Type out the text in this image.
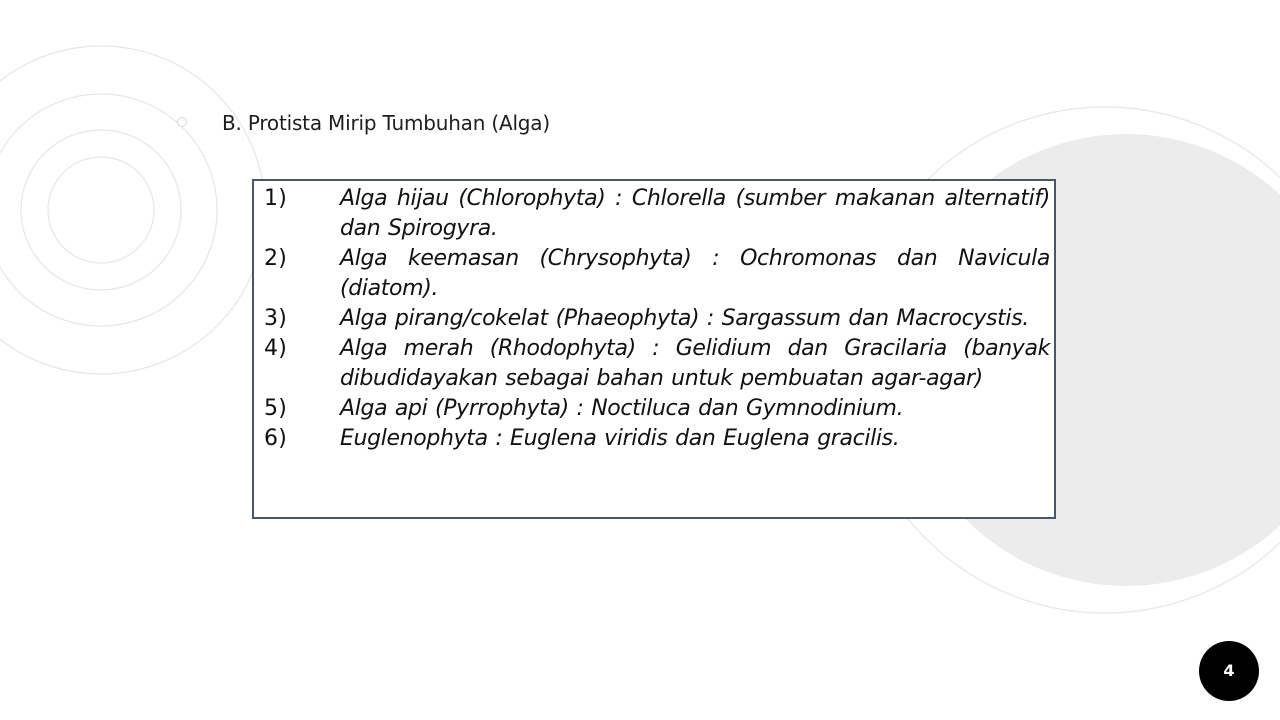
B. Protista Mirip Tumbuhan (Alga)
1)	Alga hijau (Chlorophyta) : Chlorella (sumber makanan alternatif) dan Spirogyra.
2)	Alga keemasan (Chrysophyta) : Ochromonas dan Navicula (diatom).
3)	Alga pirang/cokelat (Phaeophyta) : Sargassum dan Macrocystis.
4)	Alga merah (Rhodophyta) : Gelidium dan Gracilaria (banyak dibudidayakan sebagai bahan untuk pembuatan agar-agar)
5)	Alga api (Pyrrophyta) : Noctiluca dan Gymnodinium.
6)	Euglenophyta : Euglena viridis dan Euglena gracilis.
4
